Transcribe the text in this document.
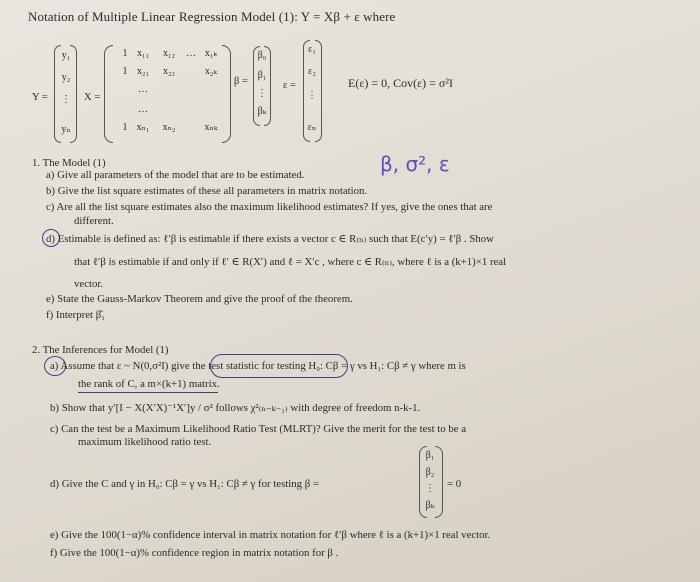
Notation of Multiple Linear Regression Model (1): Y = Xβ + ε where
Y =
y₁
y₂
⋮
yₙ
X =
1 x₁₁	x₁₂	… x₁ₖ
1 x₂₁	x₂₂	x₂ₖ
…
…
1 xₙ₁	xₙ₂	xₙₖ
β =
β₀
β₁
⋮
βₖ
ε =
ε₁
ε₂
⋮
εₙ
E(ε) = 0, Cov(ε) = σ²I
1. The Model (1)
a) Give all parameters of the model that are to be estimated.	β, σ², ε
b) Give the list square estimates of these all parameters in matrix notation.
c) Are all the list square estimates also the maximum likelihood estimates? If yes, give the ones that are
different.
d) Estimable is defined as: ℓ′β is estimable if there exists a vector c ∈ R₍ₙ₎ such that E(c′y) = ℓ′β . Show
that ℓ′β is estimable if and only if ℓ′ ∈ R(X′) and ℓ = X′c , where c ∈ R₍ₙ₎, where ℓ is a (k+1)×1 real
vector.
e) State the Gauss-Markov Theorem and give the proof of the theorem.
f) Interpret β̂₁
2. The Inferences for Model (1)
a) Assume that ε ~ N(0,σ²I) give the test statistic for testing H₀: Cβ = γ vs H₁: Cβ ≠ γ where m is
the rank of C, a m×(k+1) matrix.
b) Show that y′[I − X(X′X)⁻¹X′]y / σ² follows χ²₍ₙ₋ₖ₋₁₎ with degree of freedom n-k-1.
c) Can the test be a Maximum Likelihood Ratio Test (MLRT)? Give the merit for the test to be a
maximum likelihood ratio test.
d) Give the C and γ in H₀: Cβ = γ vs H₁: Cβ ≠ γ for testing β =
β₁
β₂
⋮
βₖ
= 0
e) Give the 100(1−α)% confidence interval in matrix notation for ℓ′β where ℓ is a (k+1)×1 real vector.
f) Give the 100(1−α)% confidence region in matrix notation for β .
